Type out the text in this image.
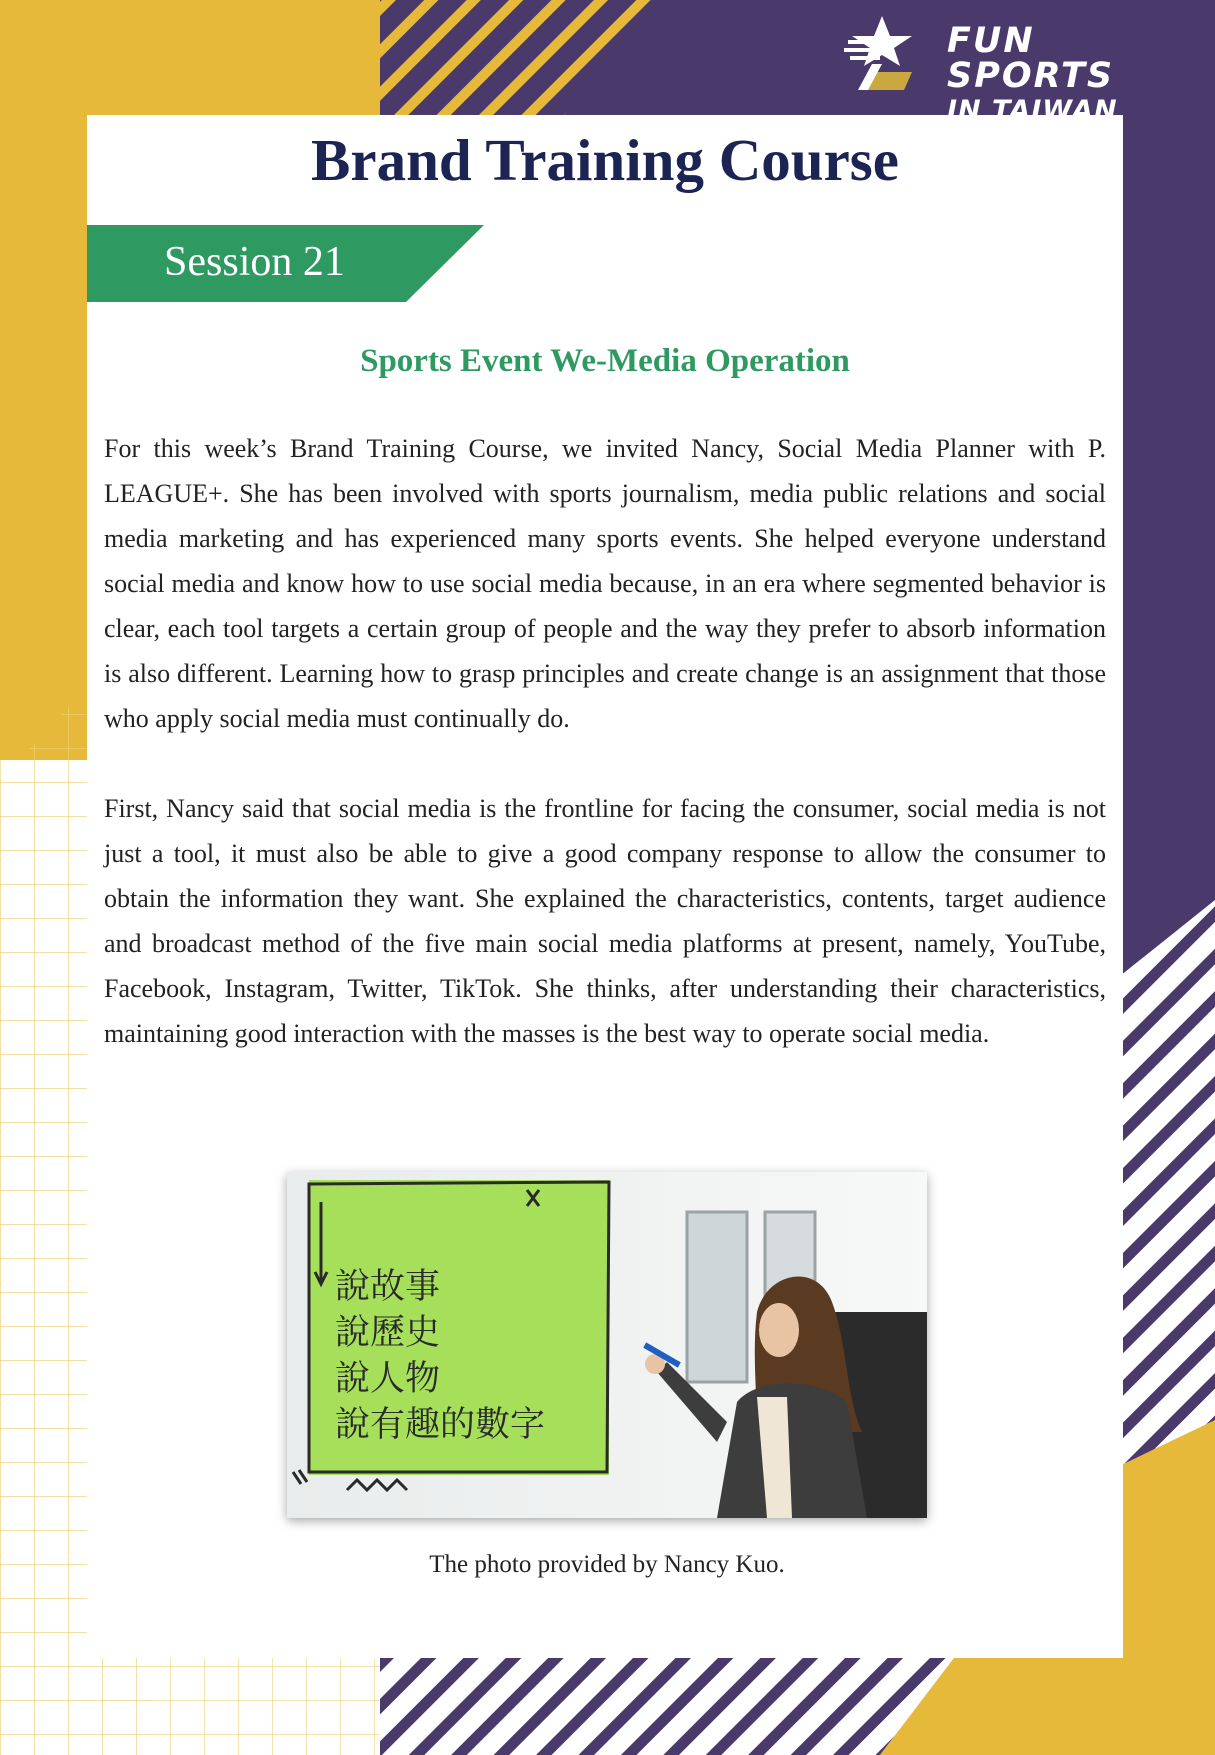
FUN SPORTS
IN TAIWAN
Brand Training Course
Session 21
Sports Event We-Media Operation

For this week’s Brand Training Course, we invited Nancy, Social Media Planner with P. LEAGUE+. She has been involved with sports journalism, media public relations and social media marketing and has experienced many sports events. She helped everyone understand social media and know how to use social media because, in an era where segmented behavior is clear, each tool targets a certain group of people and the way they prefer to absorb information is also different. Learning how to grasp principles and create change is an assignment that those who apply social media must continually do.

First, Nancy said that social media is the frontline for facing the consumer, social media is not just a tool, it must also be able to give a good company response to allow the consumer to obtain the information they want. She explained the characteristics, contents, target audience and broadcast method of the five main social media platforms at present, namely, YouTube, Facebook, Instagram, Twitter, TikTok. She thinks, after understanding their characteristics, maintaining good interaction with the masses is the best way to operate social media.

說故事
說歷史
說人物
說有趣的數字
The photo provided by Nancy Kuo.
